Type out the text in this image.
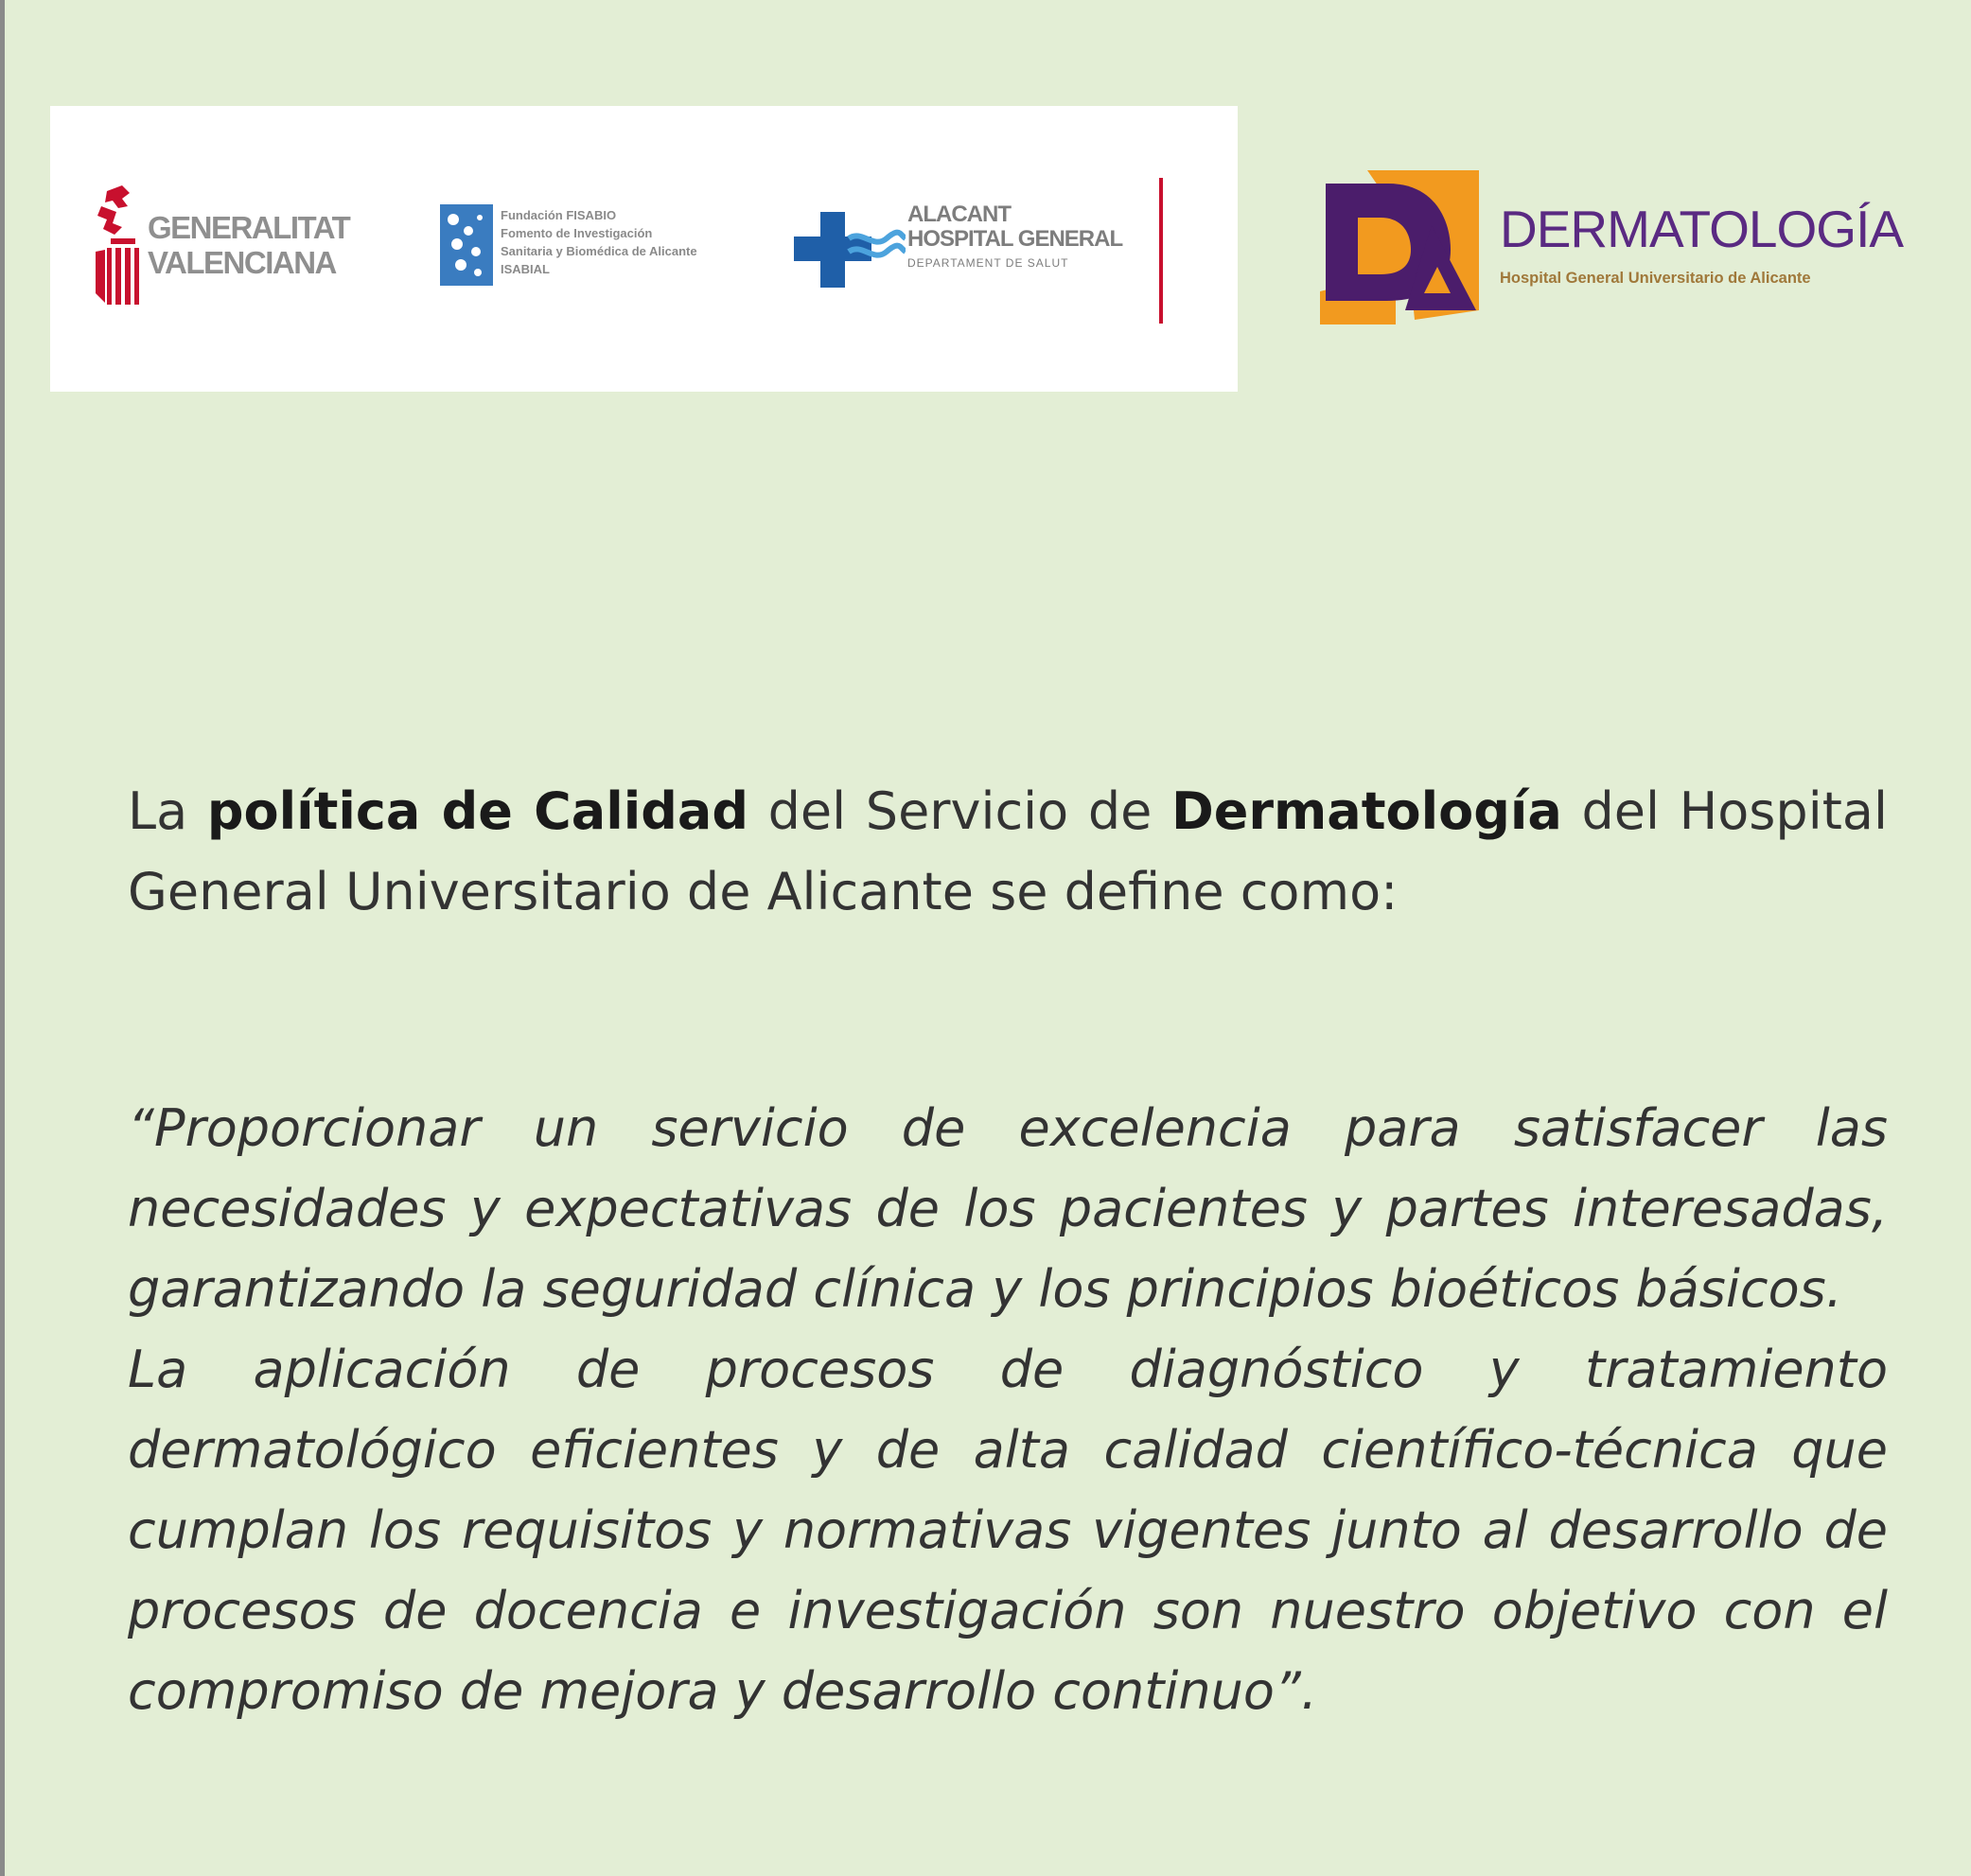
GENERALITAT
VALENCIANA
Fundación FISABIO
Fomento de Investigación
Sanitaria y Biomédica de Alicante
ISABIAL
ALACANT
HOSPITAL GENERAL
DEPARTAMENT DE SALUT
DERMATOLOGÍA
Hospital General Universitario de Alicante

La política de Calidad del Servicio de Dermatología del Hospital General Universitario de Alicante se define como:

“Proporcionar un servicio de excelencia para satisfacer las necesidades y expectativas de los pacientes y partes interesadas, garantizando la seguridad clínica y los principios bioéticos básicos.

La aplicación de procesos de diagnóstico y tratamiento dermatológico eficientes y de alta calidad científico-técnica que cumplan los requisitos y normativas vigentes junto al desarrollo de procesos de docencia e investigación son nuestro objetivo con el compromiso de mejora y desarrollo continuo”.
